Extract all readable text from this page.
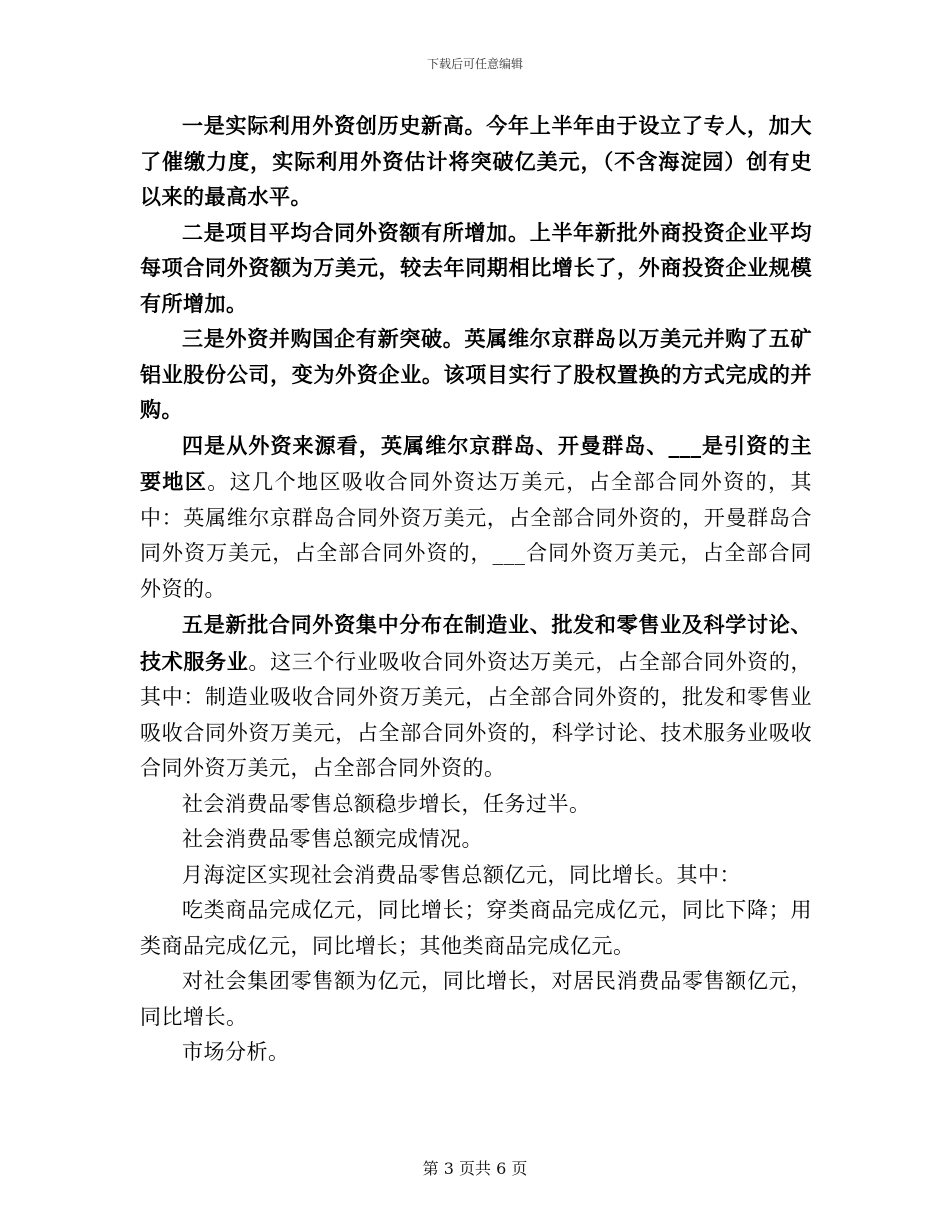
下载后可任意编辑

一是实际利用外资创历史新高。今年上半年由于设立了专人，加大了催缴力度，实际利用外资估计将突破亿美元，（不含海淀园）创有史以来的最高水平。

二是项目平均合同外资额有所增加。上半年新批外商投资企业平均每项合同外资额为万美元，较去年同期相比增长了，外商投资企业规模有所增加。

三是外资并购国企有新突破。英属维尔京群岛以万美元并购了五矿铝业股份公司，变为外资企业。该项目实行了股权置换的方式完成的并购。

四是从外资来源看，英属维尔京群岛、开曼群岛、___是引资的主要地区。这几个地区吸收合同外资达万美元，占全部合同外资的，其中：英属维尔京群岛合同外资万美元，占全部合同外资的，开曼群岛合同外资万美元，占全部合同外资的，___合同外资万美元，占全部合同外资的。

五是新批合同外资集中分布在制造业、批发和零售业及科学讨论、技术服务业。这三个行业吸收合同外资达万美元，占全部合同外资的，其中：制造业吸收合同外资万美元，占全部合同外资的，批发和零售业吸收合同外资万美元，占全部合同外资的，科学讨论、技术服务业吸收合同外资万美元，占全部合同外资的。

社会消费品零售总额稳步增长，任务过半。

社会消费品零售总额完成情况。

月海淀区实现社会消费品零售总额亿元，同比增长。其中：

吃类商品完成亿元，同比增长；穿类商品完成亿元，同比下降；用类商品完成亿元，同比增长；其他类商品完成亿元。

对社会集团零售额为亿元，同比增长，对居民消费品零售额亿元，同比增长。

市场分析。

第 3 页共 6 页
